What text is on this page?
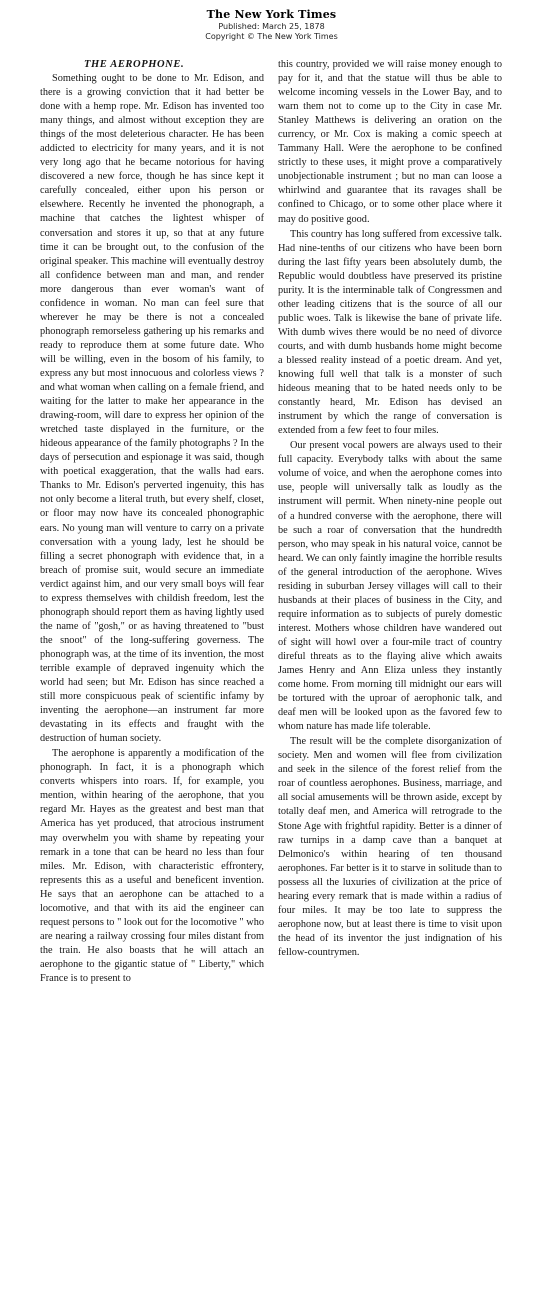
The New York Times
Published: March 25, 1878
Copyright © The New York Times
THE AEROPHONE.

Something ought to be done to Mr. Edison, and there is a growing conviction that it had better be done with a hemp rope. Mr. Edison has invented too many things, and almost without exception they are things of the most deleterious character. He has been addicted to electricity for many years, and it is not very long ago that he became notorious for having discovered a new force, though he has since kept it carefully concealed, either upon his person or elsewhere. Recently he invented the phonograph, a machine that catches the lightest whisper of conversation and stores it up, so that at any future time it can be brought out, to the confusion of the original speaker. This machine will eventually destroy all confidence between man and man, and render more dangerous than ever woman's want of confidence in woman. No man can feel sure that wherever he may be there is not a concealed phonograph remorseless gathering up his remarks and ready to reproduce them at some future date. Who will be willing, even in the bosom of his family, to express any but most innocuous and colorless views ? and what woman when calling on a female friend, and waiting for the latter to make her appearance in the drawing-room, will dare to express her opinion of the wretched taste displayed in the furniture, or the hideous appearance of the family photographs ? In the days of persecution and espionage it was said, though with poetical exaggeration, that the walls had ears. Thanks to Mr. Edison's perverted ingenuity, this has not only become a literal truth, but every shelf, closet, or floor may now have its concealed phonographic ears. No young man will venture to carry on a private conversation with a young lady, lest he should be filling a secret phonograph with evidence that, in a breach of promise suit, would secure an immediate verdict against him, and our very small boys will fear to express themselves with childish freedom, lest the phonograph should report them as having lightly used the name of "gosh," or as having threatened to "bust the snoot" of the long-suffering governess. The phonograph was, at the time of its invention, the most terrible example of depraved ingenuity which the world had seen; but Mr. Edison has since reached a still more conspicuous peak of scientific infamy by inventing the aerophone—an instrument far more devastating in its effects and fraught with the destruction of human society.

The aerophone is apparently a modification of the phonograph. In fact, it is a phonograph which converts whispers into roars. If, for example, you mention, within hearing of the aerophone, that you regard Mr. Hayes as the greatest and best man that America has yet produced, that atrocious instrument may overwhelm you with shame by repeating your remark in a tone that can be heard no less than four miles. Mr. Edison, with characteristic effrontery, represents this as a useful and beneficent invention. He says that an aerophone can be attached to a locomotive, and that with its aid the engineer can request persons to " look out for the locomotive " who are nearing a railway crossing four miles distant from the train. He also boasts that he will attach an aerophone to the gigantic statue of " Liberty," which France is to present to

this country, provided we will raise money enough to pay for it, and that the statue will thus be able to welcome incoming vessels in the Lower Bay, and to warn them not to come up to the City in case Mr. Stanley Matthews is delivering an oration on the currency, or Mr. Cox is making a comic speech at Tammany Hall. Were the aerophone to be confined strictly to these uses, it might prove a comparatively unobjectionable instrument ; but no man can loose a whirlwind and guarantee that its ravages shall be confined to Chicago, or to some other place where it may do positive good.

This country has long suffered from excessive talk. Had nine-tenths of our citizens who have been born during the last fifty years been absolutely dumb, the Republic would doubtless have preserved its pristine purity. It is the interminable talk of Congressmen and other leading citizens that is the source of all our public woes. Talk is likewise the bane of private life. With dumb wives there would be no need of divorce courts, and with dumb husbands home might become a blessed reality instead of a poetic dream. And yet, knowing full well that talk is a monster of such hideous meaning that to be hated needs only to be constantly heard, Mr. Edison has devised an instrument by which the range of conversation is extended from a few feet to four miles.

Our present vocal powers are always used to their full capacity. Everybody talks with about the same volume of voice, and when the aerophone comes into use, people will universally talk as loudly as the instrument will permit. When ninety-nine people out of a hundred converse with the aerophone, there will be such a roar of conversation that the hundredth person, who may speak in his natural voice, cannot be heard. We can only faintly imagine the horrible results of the general introduction of the aerophone. Wives residing in suburban Jersey villages will call to their husbands at their places of business in the City, and require information as to subjects of purely domestic interest. Mothers whose children have wandered out of sight will howl over a four-mile tract of country direful threats as to the flaying alive which awaits James Henry and Ann Eliza unless they instantly come home. From morning till midnight our ears will be tortured with the uproar of aerophonic talk, and deaf men will be looked upon as the favored few to whom nature has made life tolerable.

The result will be the complete disorganization of society. Men and women will flee from civilization and seek in the silence of the forest relief from the roar of countless aerophones. Business, marriage, and all social amusements will be thrown aside, except by totally deaf men, and America will retrograde to the Stone Age with frightful rapidity. Better is a dinner of raw turnips in a damp cave than a banquet at Delmonico's within hearing of ten thousand aerophones. Far better is it to starve in solitude than to possess all the luxuries of civilization at the price of hearing every remark that is made within a radius of four miles. It may be too late to suppress the aerophone now, but at least there is time to visit upon the head of its inventor the just indignation of his fellow-countrymen.
